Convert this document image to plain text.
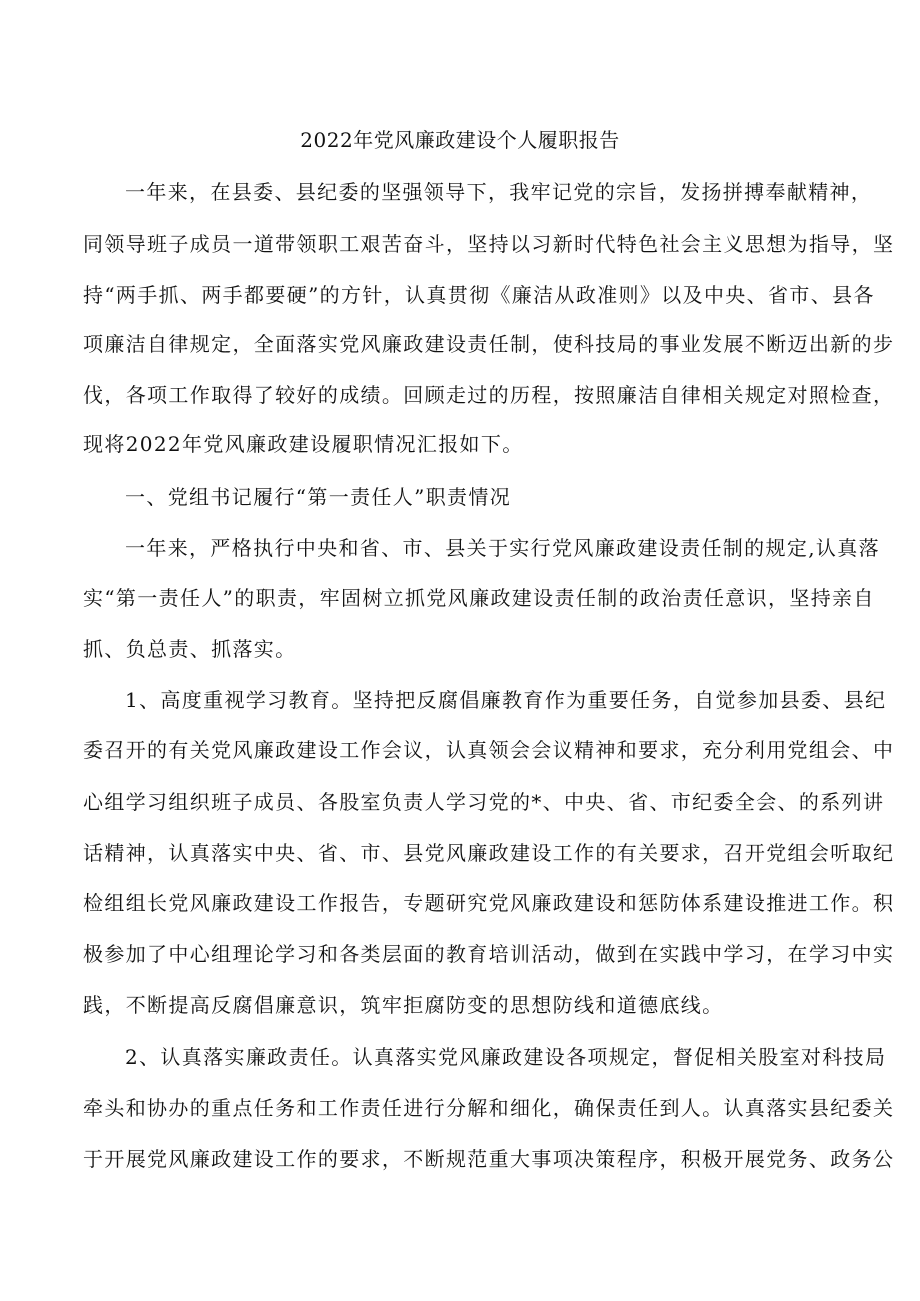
2022年党风廉政建设个人履职报告
一年来，在县委、县纪委的坚强领导下，我牢记党的宗旨，发扬拼搏奉献精神，
同领导班子成员一道带领职工艰苦奋斗，坚持以习新时代特色社会主义思想为指导，坚
持“两手抓、两手都要硬”的方针，认真贯彻《廉洁从政准则》以及中央、省市、县各
项廉洁自律规定，全面落实党风廉政建设责任制，使科技局的事业发展不断迈出新的步
伐，各项工作取得了较好的成绩。回顾走过的历程，按照廉洁自律相关规定对照检查，
现将2022年党风廉政建设履职情况汇报如下。
一、党组书记履行“第一责任人”职责情况
一年来，严格执行中央和省、市、县关于实行党风廉政建设责任制的规定,认真落
实“第一责任人”的职责，牢固树立抓党风廉政建设责任制的政治责任意识，坚持亲自
抓、负总责、抓落实。
1、高度重视学习教育。坚持把反腐倡廉教育作为重要任务，自觉参加县委、县纪
委召开的有关党风廉政建设工作会议，认真领会会议精神和要求，充分利用党组会、中
心组学习组织班子成员、各股室负责人学习党的*、中央、省、市纪委全会、的系列讲
话精神，认真落实中央、省、市、县党风廉政建设工作的有关要求，召开党组会听取纪
检组组长党风廉政建设工作报告，专题研究党风廉政建设和惩防体系建设推进工作。积
极参加了中心组理论学习和各类层面的教育培训活动，做到在实践中学习，在学习中实
践，不断提高反腐倡廉意识，筑牢拒腐防变的思想防线和道德底线。
2、认真落实廉政责任。认真落实党风廉政建设各项规定，督促相关股室对科技局
牵头和协办的重点任务和工作责任进行分解和细化，确保责任到人。认真落实县纪委关
于开展党风廉政建设工作的要求，不断规范重大事项决策程序，积极开展党务、政务公
